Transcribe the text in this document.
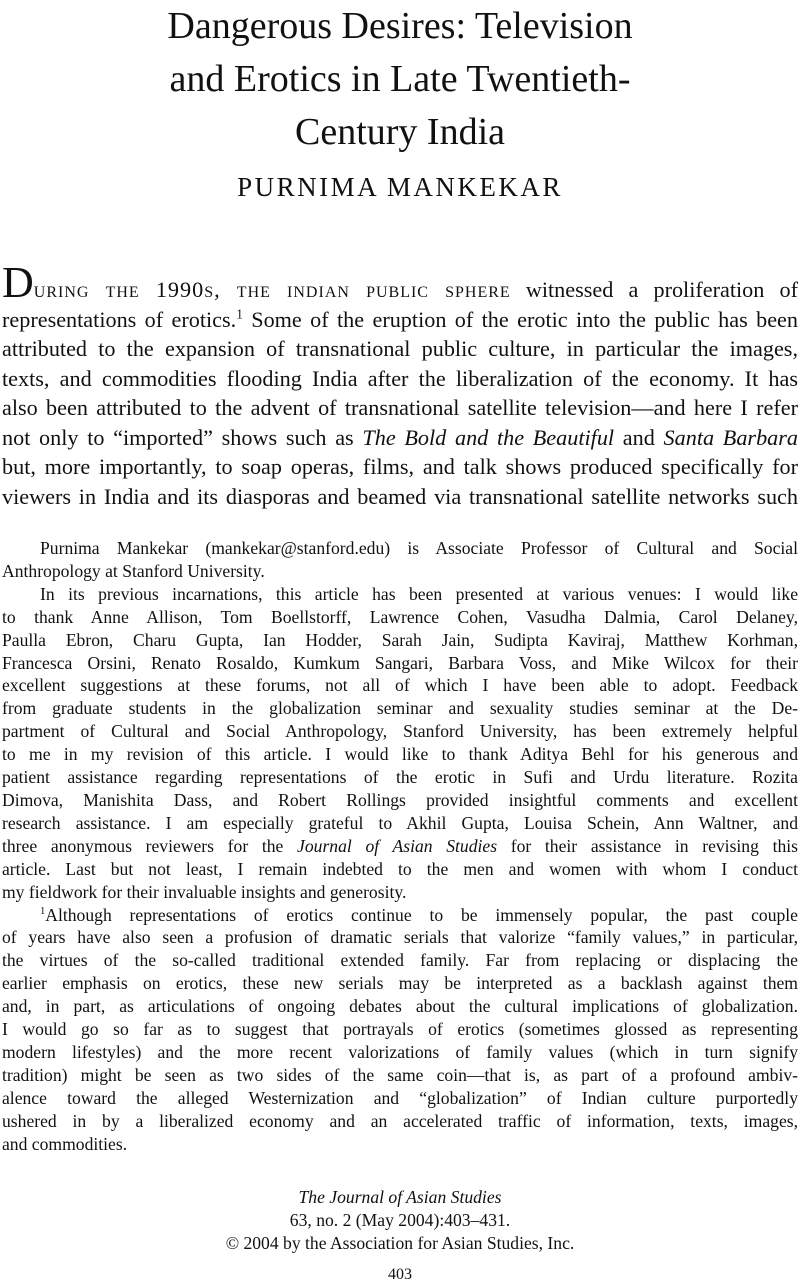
Dangerous Desires: Television
and Erotics in Late Twentieth-
Century India
PURNIMA MANKEKAR
During the 1990s, the indian public sphere witnessed a proliferation of
representations of erotics.$^1$ Some of the eruption of the erotic into the public has been
attributed to the expansion of transnational public culture, in particular the images,
texts, and commodities flooding India after the liberalization of the economy. It has
also been attributed to the advent of transnational satellite television—and here I refer
not only to “imported” shows such as The Bold and the Beautiful and Santa Barbara
but, more importantly, to soap operas, films, and talk shows produced specifically for
viewers in India and its diasporas and beamed via transnational satellite networks such

Purnima Mankekar (mankekar@stanford.edu) is Associate Professor of Cultural and Social
Anthropology at Stanford University.

In its previous incarnations, this article has been presented at various venues: I would like
to thank Anne Allison, Tom Boellstorff, Lawrence Cohen, Vasudha Dalmia, Carol Delaney,
Paulla Ebron, Charu Gupta, Ian Hodder, Sarah Jain, Sudipta Kaviraj, Matthew Korhman,
Francesca Orsini, Renato Rosaldo, Kumkum Sangari, Barbara Voss, and Mike Wilcox for their
excellent suggestions at these forums, not all of which I have been able to adopt. Feedback
from graduate students in the globalization seminar and sexuality studies seminar at the De-
partment of Cultural and Social Anthropology, Stanford University, has been extremely helpful
to me in my revision of this article. I would like to thank Aditya Behl for his generous and
patient assistance regarding representations of the erotic in Sufi and Urdu literature. Rozita
Dimova, Manishita Dass, and Robert Rollings provided insightful comments and excellent
research assistance. I am especially grateful to Akhil Gupta, Louisa Schein, Ann Waltner, and
three anonymous reviewers for the Journal of Asian Studies for their assistance in revising this
article. Last but not least, I remain indebted to the men and women with whom I conduct
my fieldwork for their invaluable insights and generosity.

$^1$Although representations of erotics continue to be immensely popular, the past couple
of years have also seen a profusion of dramatic serials that valorize “family values,” in particular,
the virtues of the so-called traditional extended family. Far from replacing or displacing the
earlier emphasis on erotics, these new serials may be interpreted as a backlash against them
and, in part, as articulations of ongoing debates about the cultural implications of globalization.
I would go so far as to suggest that portrayals of erotics (sometimes glossed as representing
modern lifestyles) and the more recent valorizations of family values (which in turn signify
tradition) might be seen as two sides of the same coin—that is, as part of a profound ambiv-
alence toward the alleged Westernization and “globalization” of Indian culture purportedly
ushered in by a liberalized economy and an accelerated traffic of information, texts, images,
and commodities.

The Journal of Asian Studies
63, no. 2 (May 2004):403–431.
© 2004 by the Association for Asian Studies, Inc.
403
